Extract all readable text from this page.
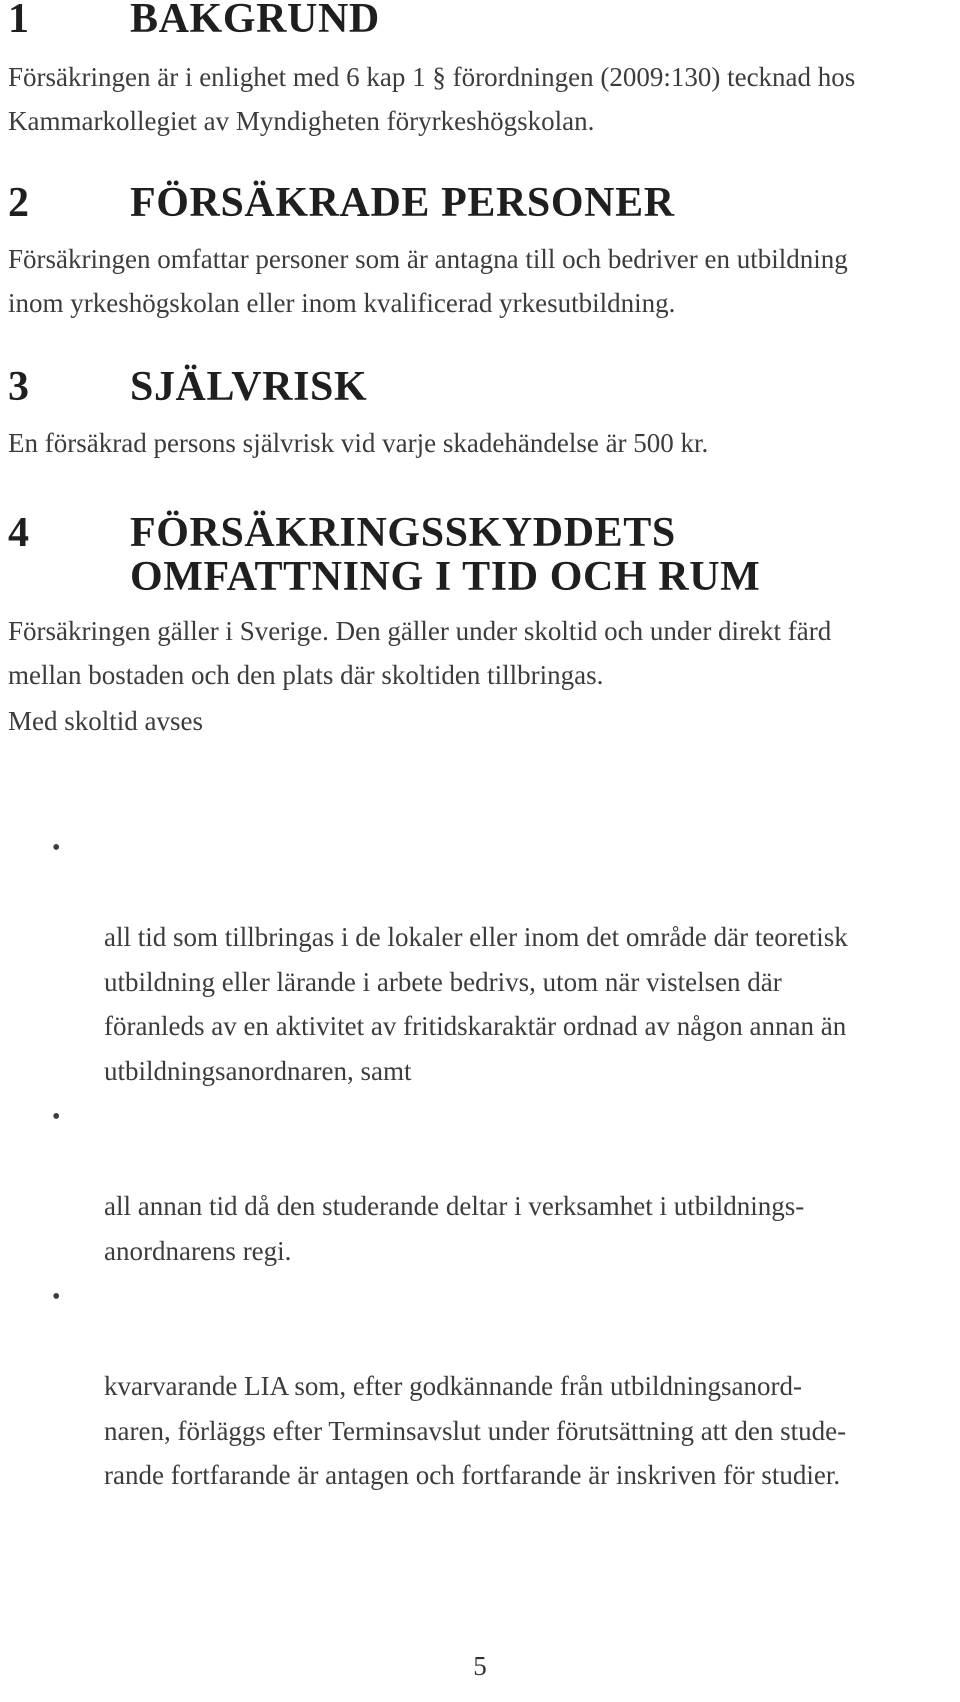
1 BAKGRUND

Försäkringen är i enlighet med 6 kap 1 § förordningen (2009:130) tecknad hos
Kammarkollegiet av Myndigheten föryrkeshögskolan.

2 FÖRSÄKRADE PERSONER

Försäkringen omfattar personer som är antagna till och bedriver en utbildning
inom yrkeshögskolan eller inom kvalificerad yrkesutbildning.

3 SJÄLVRISK

En försäkrad persons självrisk vid varje skadehändelse är 500 kr.

4 FÖRSÄKRINGSSKYDDETS
OMFATTNING I TID OCH RUM

Försäkringen gäller i Sverige. Den gäller under skoltid och under direkt färd
mellan bostaden och den plats där skoltiden tillbringas.

Med skoltid avses

•

all tid som tillbringas i de lokaler eller inom det område där teoretisk
utbildning eller lärande i arbete bedrivs, utom när vistelsen där
föranleds av en aktivitet av fritidskaraktär ordnad av någon annan än
utbildningsanordnaren, samt

•

all annan tid då den studerande deltar i verksamhet i utbildnings-
anordnarens regi.

•

kvarvarande LIA som, efter godkännande från utbildningsanord-
naren, förläggs efter Terminsavslut under förutsättning att den stude-
rande fortfarande är antagen och fortfarande är inskriven för studier.

5
